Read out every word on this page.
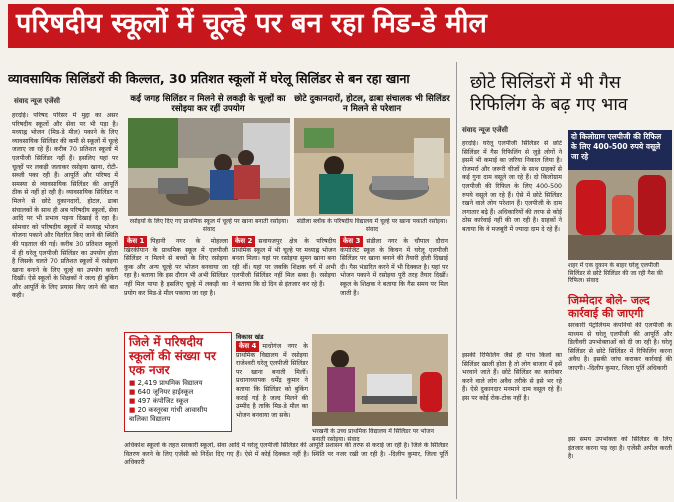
परिषदीय स्कूलों में चूल्हे पर बन रहा मिड-डे मील
व्यावसायिक सिलिंडरों की किल्लत, 30 प्रतिशत स्कूलों में घरेलू सिलिंडर से बन रहा खाना	छोटे सिलिंडरों में भी गैस रिफिलिंग के बढ़ गए भाव
संवाद न्यूज एजेंसी
हरदोई। परिषद परिसर में मुद्दा का असर परिषदीय स्कूलों और सेवा पर भी पड़ा है। मध्याह्न भोजन (मिड-डे मील) पकाने के लिए व्यावसायिक सिलिंडर की कमी से स्कूलों में चूल्हे जलाए जा रहे हैं। करीब 70 प्रतिशत स्कूलों में एलपीजी सिलिंडर नहीं हैं। इसलिए यहां पर चूल्हों पर लकड़ी जलाकर रसोइया खाना, रोटी-सब्जी पका रही हैं। आपूर्ति और परिषद में समस्या से व्यावसायिक सिलिंडर की आपूर्ति ठीक से नहीं हो रही है। व्यावसायिक सिलिंडर न मिलने से छोटे दुकानदारों, होटल, ढाबा संचालकों के साथ ही अब परिषदीय स्कूलों, सेवा आदि पर भी प्रभाव पड़ना दिखाई दे रहा है। सोमवार को परिषदीय स्कूलों में मध्याह्न भोजन योजना पकाने और वितरित किए जाने की स्थिति की पड़ताल की गई। करीब 30 प्रतिशत स्कूलों में ही घरेलू एलपीजी सिलिंडर का उपयोग होता है जिसके चलते 70 प्रतिशत स्कूलों में रसोइया खाना बनाने के लिए चूल्हे का उपयोग करती दिखीं। ऐसे स्कूलों के शिक्षकों ने जल्द ही बुकिंग और आपूर्ति के लिए प्रयास किए जाने की बात कही।
कई जगह सिलिंडर न मिलने से लकड़ी के चूल्हों का रसोइया कर रहीं उपयोग
छोटे दुकानदारों, होटल, ढाबा संचालक भी सिलिंडर न मिलने से परेशान
रसोइयों के लिए दिए गए प्राथमिक स्कूल में चूल्हे पर खाना बनाती रसोइया। संवाद
संडीला ब्लॉक के परिषदीय विद्यालय में चूल्हे पर खाना पकाती रसोइया। संवाद
केस 1 पिहानी नगर के मोहल्ला खिरकीयान के प्राथमिक स्कूल में एलपीजी सिलिंडर न मिलने से बच्चों के लिए रसोइया कुक और अन्य चूल्हे पर भोजन बनवाया जा रहा है। बताया कि इस दौरान भी अभी सिलिंडर नहीं मिल पाया है इसलिए चूल्हे में लकड़ी का प्रयोग कर मिड-डे मील पकाया जा रहा है।
केस 2 सवायजपुर क्षेत्र के परिषदीय प्राथमिक स्कूल में भी चूल्हे पर मध्याह्न भोजन बनता मिला। यहां पर रसोइया सुमन खाना बना रही थीं। यहां पर जबकि शिक्षक वर्ग में अभी एलपीजी सिलिंडर नहीं मिल सका है। रसोइया ने बताया कि दो दिन से इंतजार कर रहे हैं।
केस 3 संडीला नगर के चौपाल दौरान कंपोजिट स्कूल के किचन में घरेलू एलपीजी सिलिंडर पर खाना बनाने की तैयारी होती दिखाई दी। गैस भंडारित करने में भी दिक्कत है। यहां पर भोजन पकाने में रसोइया पूरी तरह तैयार दिखीं। स्कूल के शिक्षक ने बताया कि गैस समय पर मिल जाती है।
जिले में परिषदीय स्कूलों की संख्या पर एक नजर
■ 2,419 प्राथमिक विद्यालय
■ 640 जूनियर हाईस्कूल
■ 497 कंपोजिट स्कूल
■ 20 कस्तूरबा गांधी आवासीय बालिका विद्यालय
विकास खंड
केस 4 माधोगंज नगर के प्राथमिक विद्यालय में रसोइया राजेश्वरी घरेलू एलपीजी सिलिंडर पर खाना बनाती मिलीं। प्रधानाध्यापक धर्मेंद्र कुमार ने बताया कि सिलिंडर को बुकिंग कराई गई है जल्द मिलने की उम्मीद है ताकि मिड-डे मील का भोजन बनवाया जा सके।
भरखनी के उच्च प्राथमिक विद्यालय में सिलिंडर पर भोजन बनाती रसोइया। संवाद
अधिकांश स्कूलों के तहत सरकारी स्कूलों, सेवा आदि में घरेलू एलपीजी सिलिंडर की आपूर्ति प्रशासन की तरफ से कराई जा रही है। जिले के सिलिंडर वितरण करने के लिए एजेंसी को निर्देश दिए गए हैं। ऐसे में कोई दिक्कत नहीं है। स्थिति पर नजर रखी जा रही है। -दिलीप कुमार, जिला पूर्ति अधिकारी
संवाद न्यूज एजेंसी
हरदोई। घरेलू एलपीजी सिलिंडर से छोटे सिलिंडर में गैस रिफिलिंग से जुड़े लोगों ने इसमें भी कमाई का जरिया निकाल लिया है। रोजमर्रा और जरूरी चीजों के साथ ग्राहकों से कई गुना दाम वसूले जा रहे हैं। दो किलोग्राम एलपीजी की रिफिल के लिए 400-500 रुपये वसूले जा रहे हैं। ऐसे में छोटे सिलिंडर रखने वाले लोग परेशान हैं। एलपीजी के दाम लगातार बढ़े हैं। अधिकारियों की तरफ से कोई ठोस कार्रवाई नहीं की जा रही है। ग्राहकों ने बताया कि वे मजबूरी में ज्यादा दाम दे रहे हैं।
इसकी रिफिलिंग जैसे ही पांच किलो का सिलिंडर खाली होता है तो लोग बाजार में इसे भरवाने जाते हैं। छोटे सिलिंडर का कारोबार करने वाले लोग अवैध तरीके से इसे भर रहे हैं। ऐसे दुकानदार मनमाने दाम वसूल रहे हैं। इस पर कोई रोक-टोक नहीं है।
दो किलोग्राम एलपीजी की रिफिल के लिए 400-500 रुपये वसूले जा रहे
शहर में एक दुकान के बाहर घरेलू एलपीजी सिलिंडर से छोटे सिलिंडर की जा रही गैस की रिफिल। संवाद
जिम्मेदार बोले- जल्द कार्रवाई की जाएगी
सरकारी पेट्रोलियम कंपनियों की एलपीजी के माध्यम से घरेलू एलपीजी की आपूर्ति और डिलीवरी उपभोक्ताओं को दी जा रही है। घरेलू सिलिंडर से छोटे सिलिंडर में रिफिलिंग करना अवैध है। इसकी जांच कराकर कार्रवाई की जाएगी। -दिलीप कुमार, जिला पूर्ति अधिकारी
इस समय उपभोक्ता को सिलिंडर के लिए इंतजार करना पड़ रहा है। एजेंसी अपील करती है।
